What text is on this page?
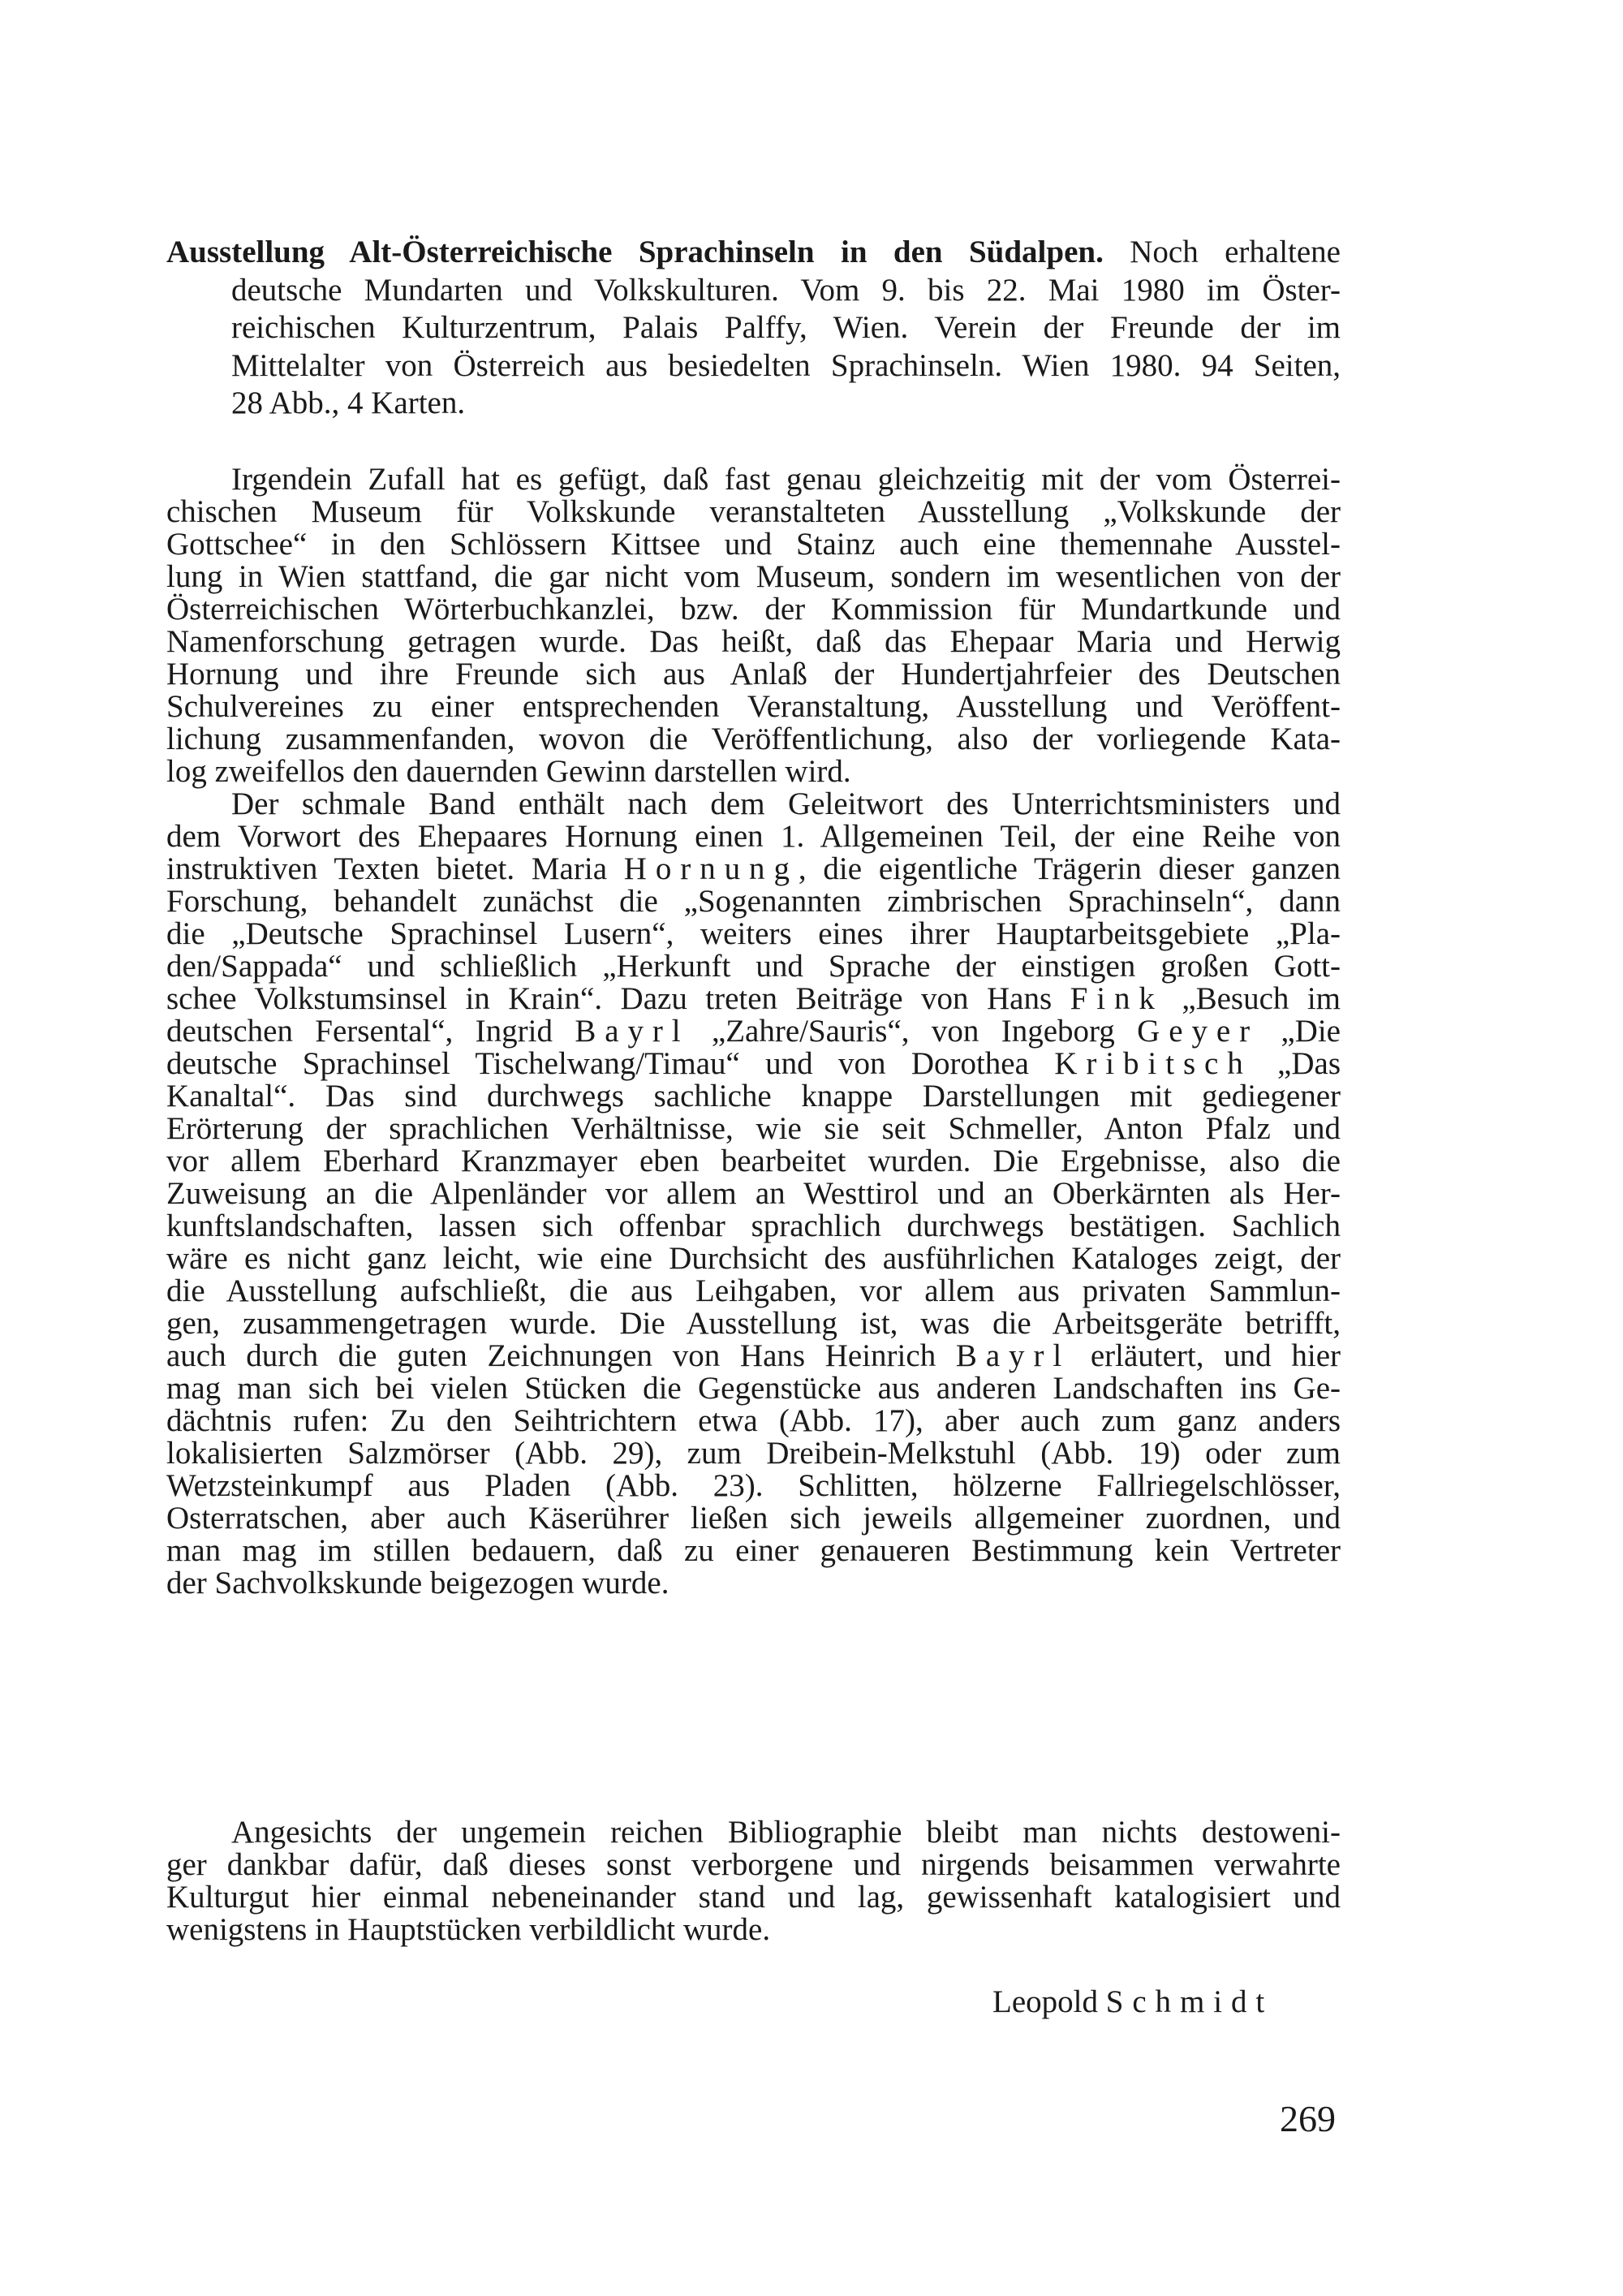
Ausstellung Alt-Österreichische Sprachinseln in den Südalpen. Noch erhaltene
deutsche Mundarten und Volkskulturen. Vom 9. bis 22. Mai 1980 im Öster-
reichischen Kulturzentrum, Palais Palffy, Wien. Verein der Freunde der im
Mittelalter von Österreich aus besiedelten Sprachinseln. Wien 1980. 94 Seiten,
28 Abb., 4 Karten.
Irgendein Zufall hat es gefügt, daß fast genau gleichzeitig mit der vom Österrei-
chischen Museum für Volkskunde veranstalteten Ausstellung „Volkskunde der
Gottschee“ in den Schlössern Kittsee und Stainz auch eine themennahe Ausstel-
lung in Wien stattfand, die gar nicht vom Museum, sondern im wesentlichen von der
Österreichischen Wörterbuchkanzlei, bzw. der Kommission für Mundartkunde und
Namenforschung getragen wurde. Das heißt, daß das Ehepaar Maria und Herwig
Hornung und ihre Freunde sich aus Anlaß der Hundertjahrfeier des Deutschen
Schulvereines zu einer entsprechenden Veranstaltung, Ausstellung und Veröffent-
lichung zusammenfanden, wovon die Veröffentlichung, also der vorliegende Kata-
log zweifellos den dauernden Gewinn darstellen wird.
Der schmale Band enthält nach dem Geleitwort des Unterrichtsministers und
dem Vorwort des Ehepaares Hornung einen 1. Allgemeinen Teil, der eine Reihe von
instruktiven Texten bietet. Maria Hornung, die eigentliche Trägerin dieser ganzen
Forschung, behandelt zunächst die „Sogenannten zimbrischen Sprachinseln“, dann
die „Deutsche Sprachinsel Lusern“, weiters eines ihrer Hauptarbeitsgebiete „Pla-
den/Sappada“ und schließlich „Herkunft und Sprache der einstigen großen Gott-
schee Volkstumsinsel in Krain“. Dazu treten Beiträge von Hans Fink „Besuch im
deutschen Fersental“, Ingrid Bayrl „Zahre/Sauris“, von Ingeborg Geyer „Die
deutsche Sprachinsel Tischelwang/Timau“ und von Dorothea Kribitsch „Das
Kanaltal“. Das sind durchwegs sachliche knappe Darstellungen mit gediegener
Erörterung der sprachlichen Verhältnisse, wie sie seit Schmeller, Anton Pfalz und
vor allem Eberhard Kranzmayer eben bearbeitet wurden. Die Ergebnisse, also die
Zuweisung an die Alpenländer vor allem an Westtirol und an Oberkärnten als Her-
kunftslandschaften, lassen sich offenbar sprachlich durchwegs bestätigen. Sachlich
wäre es nicht ganz leicht, wie eine Durchsicht des ausführlichen Kataloges zeigt, der
die Ausstellung aufschließt, die aus Leihgaben, vor allem aus privaten Sammlun-
gen, zusammengetragen wurde. Die Ausstellung ist, was die Arbeitsgeräte betrifft,
auch durch die guten Zeichnungen von Hans Heinrich Bayrl erläutert, und hier
mag man sich bei vielen Stücken die Gegenstücke aus anderen Landschaften ins Ge-
dächtnis rufen: Zu den Seihtrichtern etwa (Abb. 17), aber auch zum ganz anders
lokalisierten Salzmörser (Abb. 29), zum Dreibein-Melkstuhl (Abb. 19) oder zum
Wetzsteinkumpf aus Pladen (Abb. 23). Schlitten, hölzerne Fallriegelschlösser,
Osterratschen, aber auch Käserührer ließen sich jeweils allgemeiner zuordnen, und
man mag im stillen bedauern, daß zu einer genaueren Bestimmung kein Vertreter
der Sachvolkskunde beigezogen wurde.
Angesichts der ungemein reichen Bibliographie bleibt man nichts destoweni-
ger dankbar dafür, daß dieses sonst verborgene und nirgends beisammen verwahrte
Kulturgut hier einmal nebeneinander stand und lag, gewissenhaft katalogisiert und
wenigstens in Hauptstücken verbildlicht wurde.
Leopold Schmidt
269
